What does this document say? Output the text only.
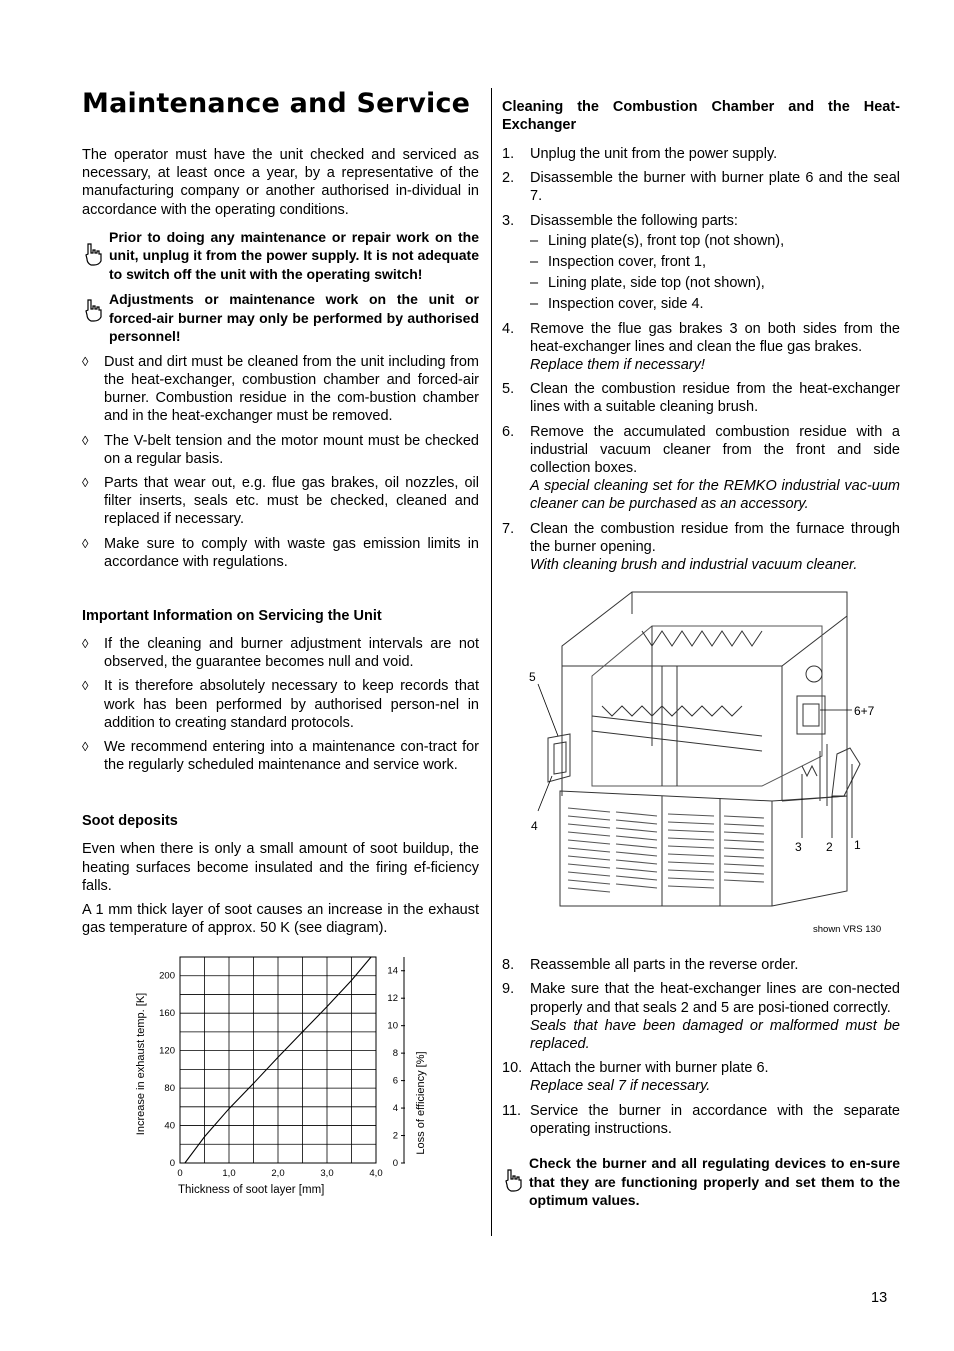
Maintenance and Service

The operator must have the unit checked and serviced as necessary, at least once a year, by a representative of the manufacturing company or another authorised in-dividual in accordance with the operating conditions.

Prior to doing any maintenance or repair work on the unit, unplug it from the power supply. It is not adequate to switch off the unit with the operating switch!
Adjustments or maintenance work on the unit or forced-air burner may only be performed by authorised personnel!
◊ Dust and dirt must be cleaned from the unit including from the heat-exchanger, combustion chamber and forced-air burner. Combustion residue in the com-bustion chamber and in the heat-exchanger must be removed.
◊ The V-belt tension and the motor mount must be checked on a regular basis.
◊ Parts that wear out, e.g. flue gas brakes, oil nozzles, oil filter inserts, seals etc. must be checked, cleaned and replaced if necessary.
◊ Make sure to comply with waste gas emission limits in accordance with regulations.
Important Information on Servicing the Unit
◊ If the cleaning and burner adjustment intervals are not observed, the guarantee becomes null and void.
◊ It is therefore absolutely necessary to keep records that work has been performed by authorised person-nel in addition to creating standard protocols.
◊ We recommend entering into a maintenance con-tract for the regularly scheduled maintenance and service work.
Soot deposits

Even when there is only a small amount of soot buildup, the heating surfaces become insulated and the firing ef-ficiency falls.

A 1 mm thick layer of soot causes an increase in the exhaust gas temperature of approx. 50 K (see diagram).

0	1,0	2,0	3,0	4,0
0
40
80
120
160
200
0
2
4
6
8
10
12
14
Thickness of soot layer [mm]
Increase in exhaust temp. [K]	Loss of efficiency [%]
Cleaning the Combustion Chamber and the Heat-Exchanger
1. Unplug the unit from the power supply.
2. Disassemble the burner with burner plate 6 and the seal 7.
3. Disassemble the following parts:
– Lining plate(s), front top (not shown),
– Inspection cover, front 1,
– Lining plate, side top (not shown),
– Inspection cover, side 4.
4. Remove the flue gas brakes 3 on both sides from the heat-exchanger lines and clean the flue gas brakes.
Replace them if necessary!
5. Clean the combustion residue from the heat-exchanger lines with a suitable cleaning brush.
6. Remove the accumulated combustion residue with a industrial vacuum cleaner from the front and side collection boxes.
A special cleaning set for the REMKO industrial vac-uum cleaner can be purchased as an accessory.
7. Clean the combustion residue from the furnace through the burner opening.
With cleaning brush and industrial vacuum cleaner.
5
6+7
4
3 2 1
shown VRS 130
8. Reassemble all parts in the reverse order.
9. Make sure that the heat-exchanger lines are con-nected properly and that seals 2 and 5 are posi-tioned correctly.
Seals that have been damaged or malformed must be replaced.
10. Attach the burner with burner plate 6.
Replace seal 7 if necessary.
11. Service the burner in accordance with the separate operating instructions.
Check the burner and all regulating devices to en-sure that they are functioning properly and set them to the optimum values.
13
